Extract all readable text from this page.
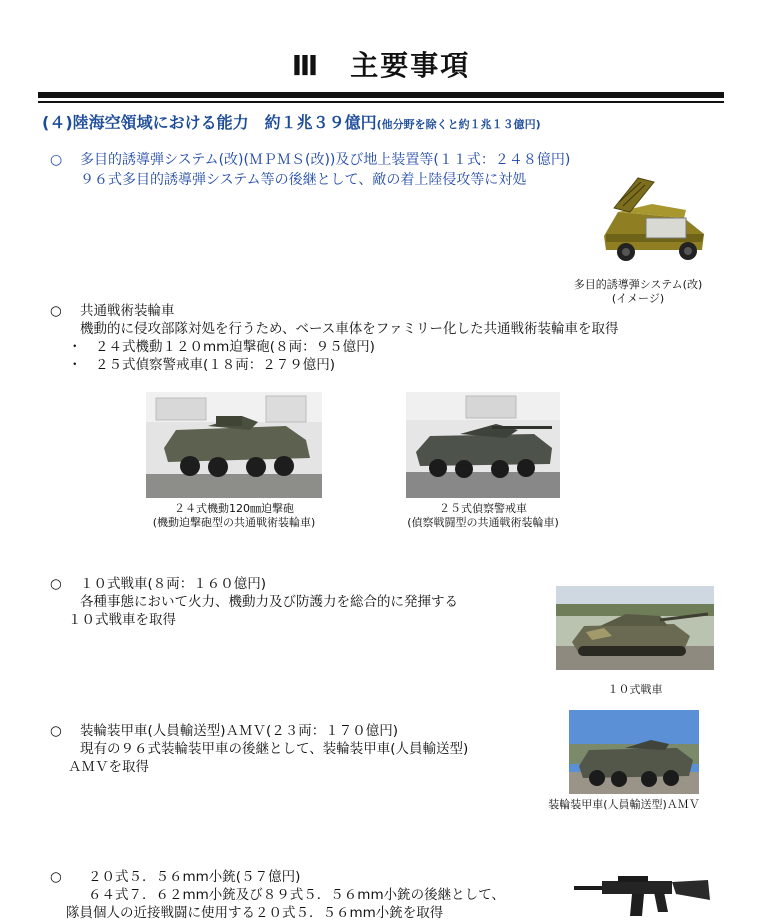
Ⅲ　主要事項
(４)陸海空領域における能力　約１兆３９億円(他分野を除くと約１兆１３億円)
○ 多目的誘導弾システム(改)(ＭＰＭＳ(改))及び地上装置等(１１式：２４８億円)
９６式多目的誘導弾システム等の後継として、敵の着上陸侵攻等に対処
多目的誘導弾システム(改)
(イメージ)
○ 共通戦術装輪車
機動的に侵攻部隊対処を行うため、ベース車体をファミリー化した共通戦術装輪車を取得
・　２４式機動１２０mm迫撃砲(８両：９５億円)
・　２５式偵察警戒車(１８両：２７９億円)
２４式機動120㎜迫撃砲
(機動迫撃砲型の共通戦術装輪車)
２５式偵察警戒車
(偵察戦闘型の共通戦術装輪車)
○ １０式戦車(８両：１６０億円)
各種事態において火力、機動力及び防護力を総合的に発揮する
１０式戦車を取得
１０式戦車
○ 装輪装甲車(人員輸送型)ＡＭＶ(２３両：１７０億円)
現有の９６式装輪装甲車の後継として、装輪装甲車(人員輸送型)
ＡＭＶを取得
装輪装甲車(人員輸送型)ＡＭＶ
○ ２０式５．５６mm小銃(５７億円)
６４式７．６２mm小銃及び８９式５．５６mm小銃の後継として、
隊員個人の近接戦闘に使用する２０式５．５６mm小銃を取得
